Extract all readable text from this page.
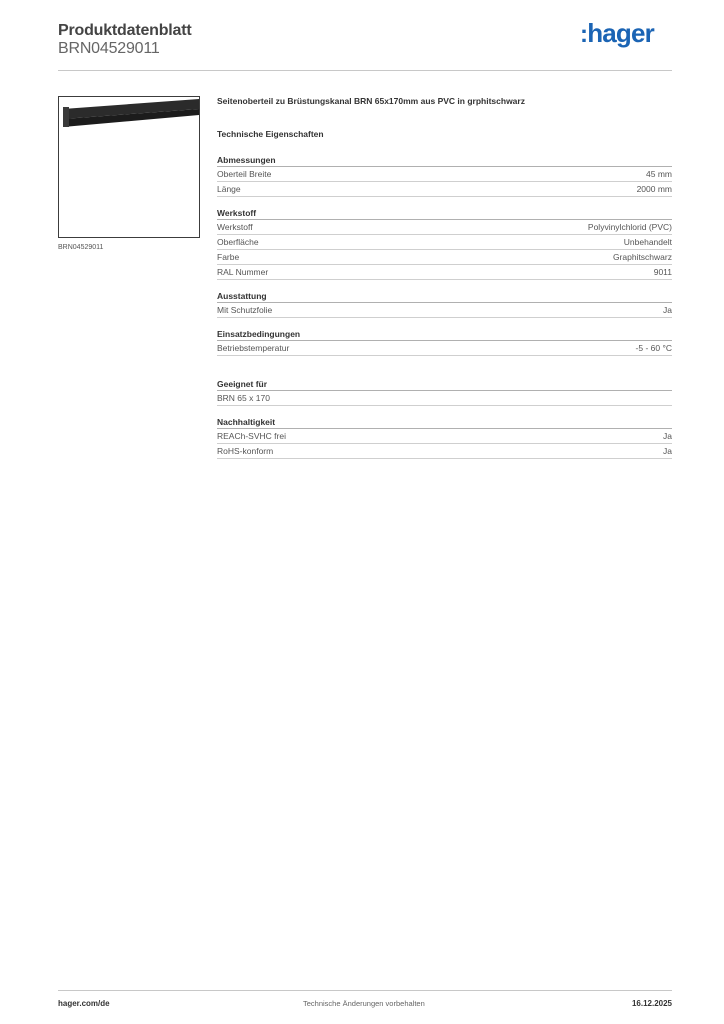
Produktdatenblatt
BRN04529011
:hager
BRN04529011
Seitenoberteil zu Brüstungskanal BRN 65x170mm aus PVC in grphitschwarz
Technische Eigenschaften
Abmessungen
Oberteil Breite	45 mm
Länge	2000 mm
Werkstoff
Werkstoff	Polyvinylchlorid (PVC)
Oberfläche	Unbehandelt
Farbe	Graphitschwarz
RAL Nummer	9011
Ausstattung
Mit Schutzfolie	Ja
Einsatzbedingungen
Betriebstemperatur	-5 - 60 °C
Geeignet für
BRN 65 x 170
Nachhaltigkeit
REACh-SVHC frei	Ja
RoHS-konform	Ja
hager.com/de	Technische Änderungen vorbehalten	16.12.2025
